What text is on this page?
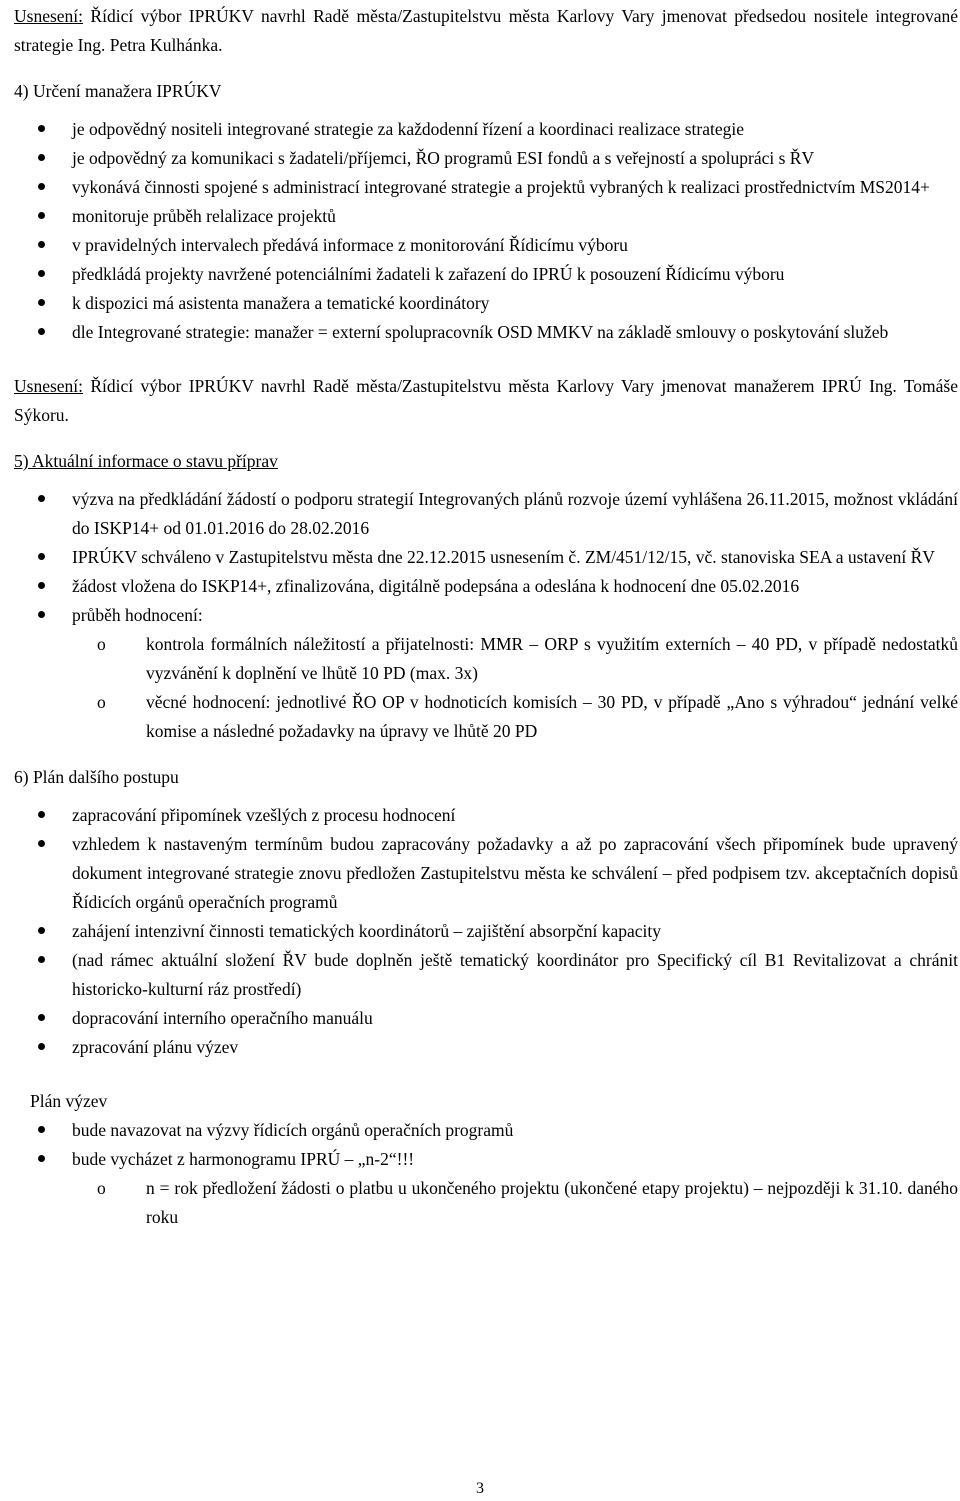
Usnesení: Řídicí výbor IPRÚKV navrhl Radě města/Zastupitelstvu města Karlovy Vary jmenovat předsedou nositele integrované strategie Ing. Petra Kulhánka.

4) Určení manažera IPRÚKV

je odpovědný nositeli integrované strategie za každodenní řízení a koordinaci realizace strategie
je odpovědný za komunikaci s žadateli/příjemci, ŘO programů ESI fondů a s veřejností a spolupráci s ŘV
vykonává činnosti spojené s administrací integrované strategie a projektů vybraných k realizaci prostřednictvím MS2014+
monitoruje průběh relalizace projektů
v pravidelných intervalech předává informace z monitorování Řídicímu výboru
předkládá projekty navržené potenciálními žadateli k zařazení do IPRÚ k posouzení Řídicímu výboru
k dispozici má asistenta manažera a tematické koordinátory
dle Integrované strategie: manažer = externí spolupracovník OSD MMKV na základě smlouvy o poskytování služeb

Usnesení: Řídicí výbor IPRÚKV navrhl Radě města/Zastupitelstvu města Karlovy Vary jmenovat manažerem IPRÚ Ing. Tomáše Sýkoru.

5) Aktuální informace o stavu příprav

výzva na předkládání žádostí o podporu strategií Integrovaných plánů rozvoje území vyhlášena 26.11.2015, možnost vkládání do ISKP14+ od 01.01.2016 do 28.02.2016
IPRÚKV schváleno v Zastupitelstvu města dne 22.12.2015 usnesením č. ZM/451/12/15, vč. stanoviska SEA a ustavení ŘV
žádost vložena do ISKP14+, zfinalizována, digitálně podepsána a odeslána k hodnocení dne 05.02.2016
průběh hodnocení:
o kontrola formálních náležitostí a přijatelnosti: MMR – ORP s využitím externích – 40 PD, v případě nedostatků vyzvánění k doplnění ve lhůtě 10 PD (max. 3x)
o věcné hodnocení: jednotlivé ŘO OP v hodnoticích komisích – 30 PD, v případě „Ano s výhradou“ jednání velké komise a následné požadavky na úpravy ve lhůtě 20 PD

6) Plán dalšího postupu

zapracování připomínek vzešlých z procesu hodnocení
vzhledem k nastaveným termínům budou zapracovány požadavky a až po zapracování všech připomínek bude upravený dokument integrované strategie znovu předložen Zastupitelstvu města ke schválení – před podpisem tzv. akceptačních dopisů Řídicích orgánů operačních programů
zahájení intenzivní činnosti tematických koordinátorů – zajištění absorpční kapacity
(nad rámec aktuální složení ŘV bude doplněn ještě tematický koordinátor pro Specifický cíl B1 Revitalizovat a chránit historicko-kulturní ráz prostředí)
dopracování interního operačního manuálu
zpracování plánu výzev

Plán výzev

bude navazovat na výzvy řídicích orgánů operačních programů
bude vycházet z harmonogramu IPRÚ – „n-2“!!!
o n = rok předložení žádosti o platbu u ukončeného projektu (ukončené etapy projektu) – nejpozději k 31.10. daného roku
3
